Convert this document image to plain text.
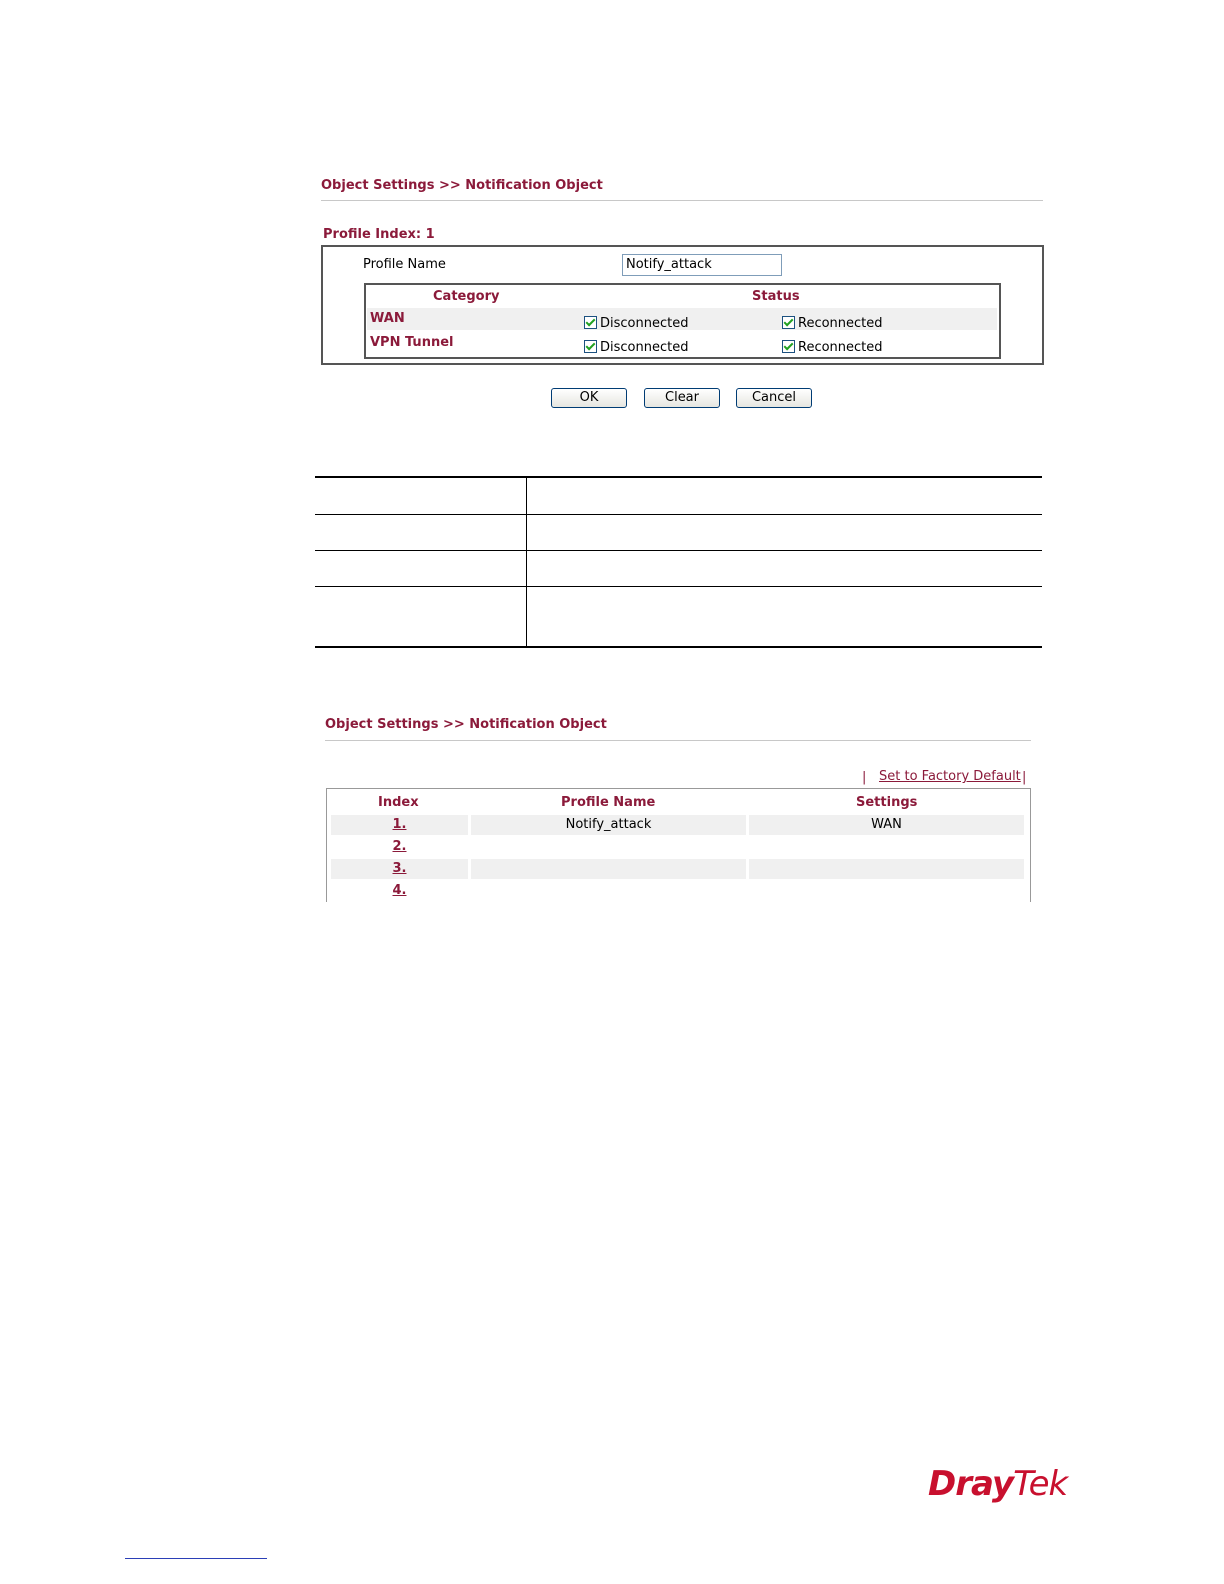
Object Settings >> Notification Object
Profile Index: 1
Profile Name	Notify_attack
Category	Status
WAN	Disconnected	Reconnected
VPN Tunnel	Disconnected	Reconnected
OK	Clear	Cancel
Object Settings >> Notification Object
| Set to Factory Default |
Index	Profile Name	Settings
1.	Notify_attack	WAN
2.
3.
4.
DrayTek
